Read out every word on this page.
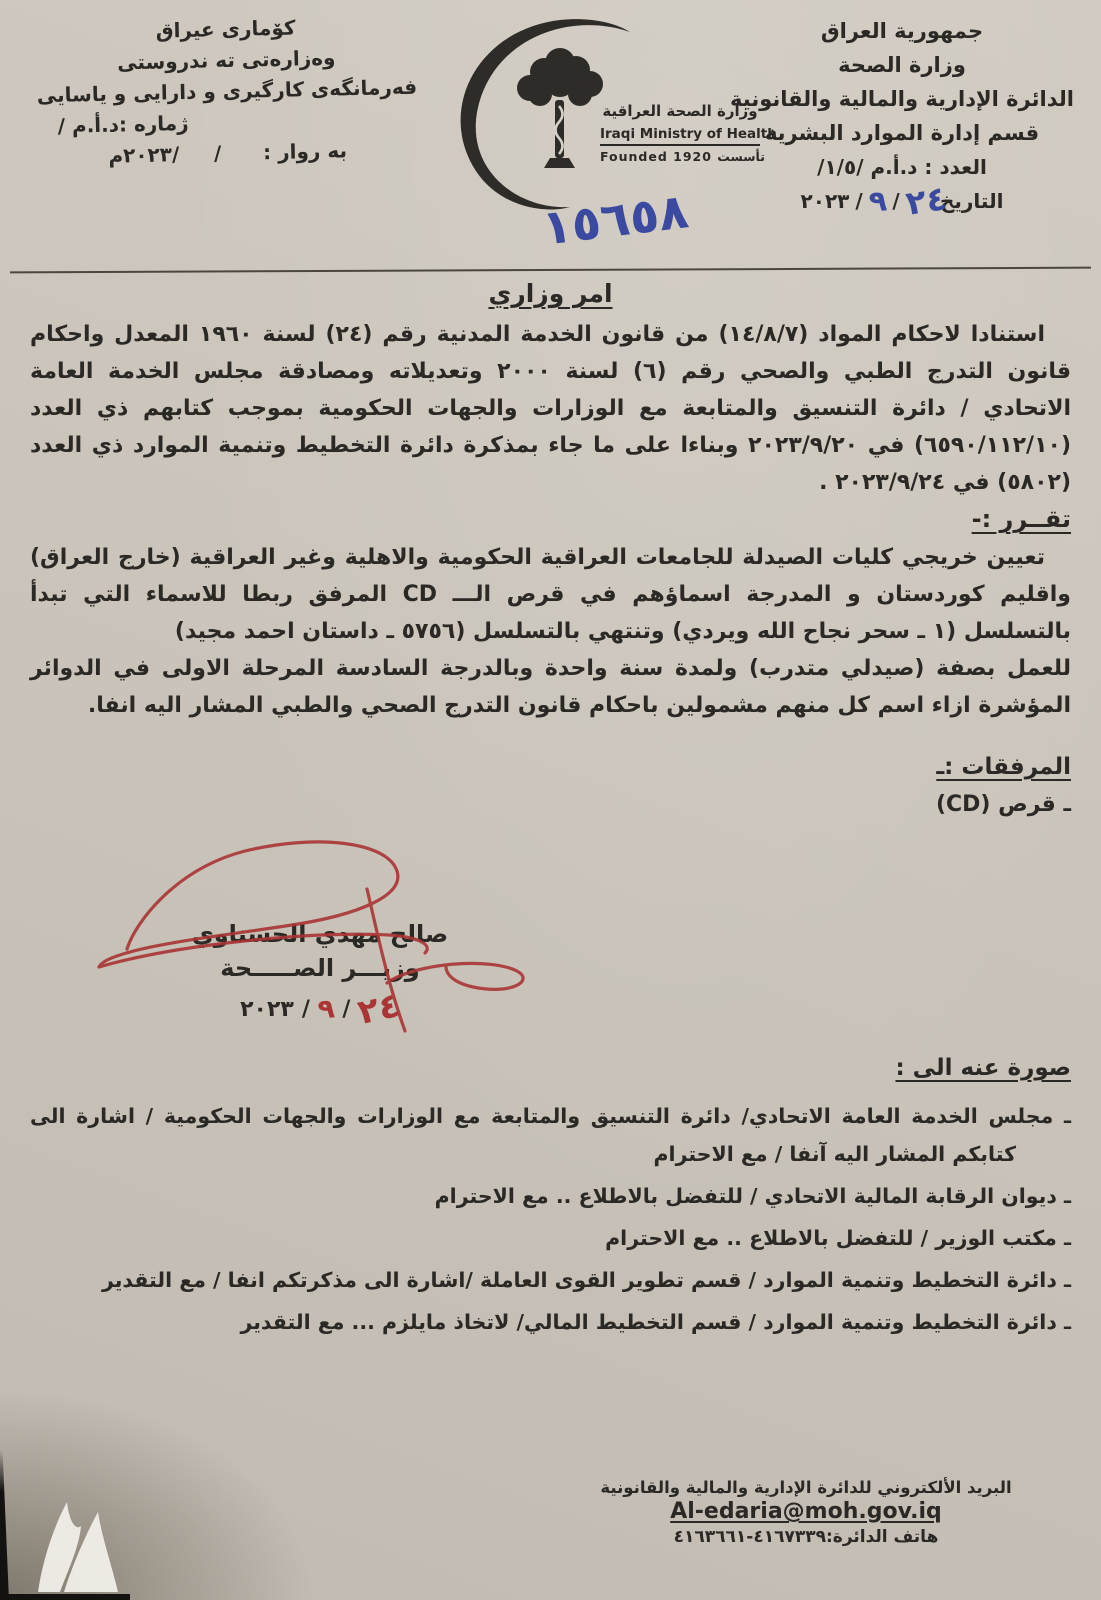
جمهورية العراق
وزارة الصحة
الدائرة الإدارية والمالية والقانونية
قسم إدارة الموارد البشرية
العدد : د.أ.م /١/٥/
التاريخ
٢٤
/
٩
/
٢٠٢٣
كۆمارى عيراق
وەزارەتى تە ندروستى
فەرمانگەى كارگيرى و دارايى و ياسايى
ژماره :د.أ.م /
به روار :      /     /٢٠٢٣م
وزارة الصحة العراقية
Iraqi Ministry of Health
Founded 1920 تأسست
١٥٦٥٨
امر وزاري
استنادا لاحكام المواد (١٤/٨/٧) من قانون الخدمة المدنية رقم (٢٤) لسنة ١٩٦٠ المعدل واحكام قانون التدرج الطبي والصحي رقم (٦) لسنة ٢٠٠٠ وتعديلاته ومصادقة مجلس الخدمة العامة الاتحادي / دائرة التنسيق والمتابعة مع الوزارات والجهات الحكومية بموجب كتابهم ذي العدد (٦٥٩٠/١١٢/١٠) في ٢٠٢٣/٩/٢٠ وبناءا على ما جاء بمذكرة دائرة التخطيط وتنمية الموارد ذي العدد (٥٨٠٢) في ٢٠٢٣/٩/٢٤ .
تقــرر :-
تعيين خريجي كليات الصيدلة للجامعات العراقية الحكومية والاهلية وغير العراقية (خارج العراق) واقليم كوردستان و المدرجة اسماؤهم في قرص الـــ CD المرفق ربطا للاسماء التي تبدأ بالتسلسل (١ ـ سحر نجاح الله ويردي) وتنتهي بالتسلسل (٥٧٥٦ ـ داستان احمد مجيد)
للعمل بصفة (صيدلي متدرب) ولمدة سنة واحدة وبالدرجة السادسة المرحلة الاولى في الدوائر المؤشرة ازاء اسم كل منهم مشمولين باحكام قانون التدرج الصحي والطبي المشار اليه انفا.
المرفقات :ـ
ـ قرص (CD)
صالح مهدي الحسناوي
وزيـــر الصـــــحة
٢٤
/
٩
/
٢٠٢٣
صورة عنه الى :
ـ مجلس الخدمة العامة الاتحادي/ دائرة التنسيق والمتابعة مع الوزارات والجهات الحكومية / اشارة الى كتابكم المشار اليه آنفا / مع الاحترام
ـ ديوان الرقابة المالية الاتحادي / للتفضل بالاطلاع .. مع الاحترام
ـ مكتب الوزير / للتفضل بالاطلاع .. مع الاحترام
ـ دائرة التخطيط وتنمية الموارد / قسم تطوير القوى العاملة /اشارة الى مذكرتكم انفا / مع التقدير
ـ دائرة التخطيط وتنمية الموارد / قسم التخطيط المالي/ لاتخاذ مايلزم ... مع التقدير
البريد الألكتروني للدائرة الإدارية والمالية والقانونية
Al-edaria@moh.gov.iq
هاتف الدائرة:٤١٦٧٣٣٩-٤١٦٣٦٦١
